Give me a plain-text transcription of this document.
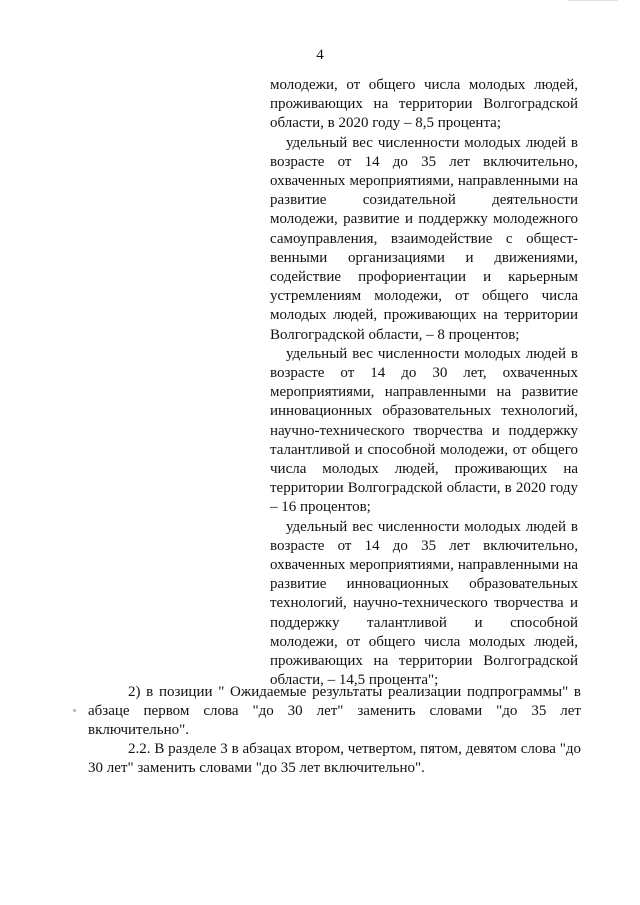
4

молодежи, от общего числа молодых людей, проживающих на территории Волгоградской области, в 2020 году – 8,5 процента;

удельный вес численности молодых людей в возрасте от 14 до 35 лет включительно, охваченных мероприятиями, направленными на развитие созидательной деятельности молодежи, развитие и поддержку молодежного самоуправления, взаимодействие с общест-венными организациями и движениями, содействие профориентации и карьерным устремлениям молодежи, от общего числа молодых людей, проживающих на территории Волгоградской области, – 8 процентов;

удельный вес численности молодых людей в возрасте от 14 до 30 лет, охваченных мероприятиями, направленными на развитие инновационных образовательных технологий, научно-технического творчества и поддержку талантливой и способной молодежи, от общего числа молодых людей, проживающих на территории Волгоградской области, в 2020 году – 16 процентов;

удельный вес численности молодых людей в возрасте от 14 до 35 лет включительно, охваченных мероприятиями, направленными на развитие инновационных образовательных технологий, научно-технического творчества и поддержку талантливой и способной молодежи, от общего числа молодых людей, проживающих на территории Волгоградской области, – 14,5 процента";

2) в позиции " Ожидаемые результаты реализации подпрограммы" в абзаце первом слова "до 30 лет" заменить словами "до 35 лет включительно".

2.2. В разделе 3 в абзацах втором, четвертом, пятом, девятом слова "до 30 лет" заменить словами "до 35 лет включительно".
